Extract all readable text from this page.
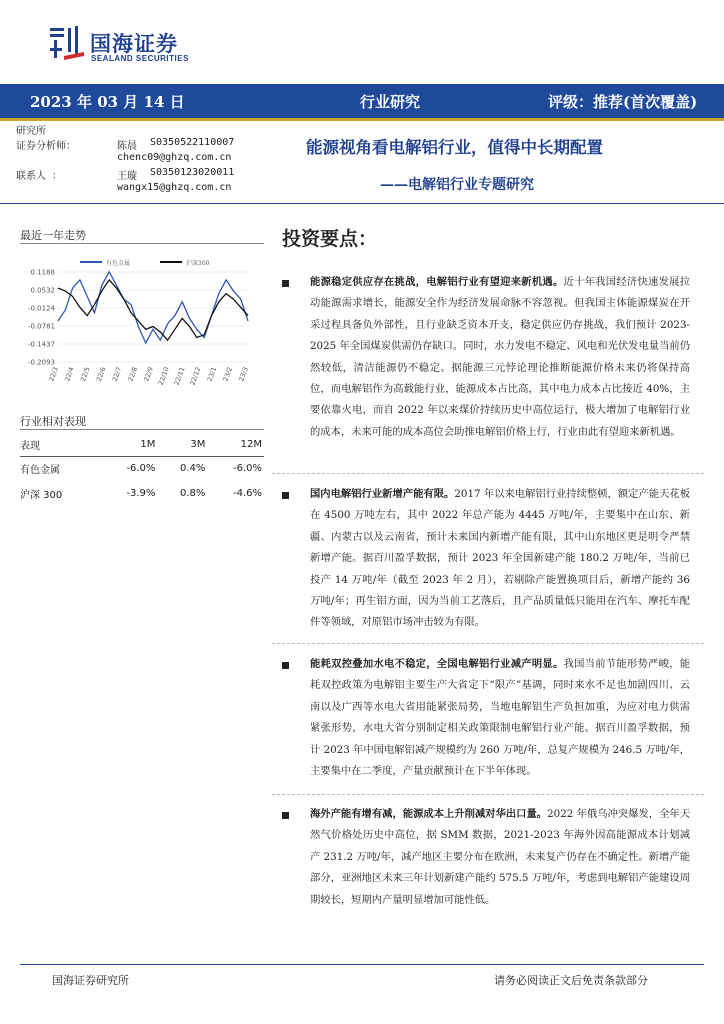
国海证券
SEALAND SECURITIES
2023 年 03 月 14 日	行业研究	评级：推荐(首次覆盖)
研究所
证券分析师：	陈晨 S0350522110007
chenc09@ghzq.com.cn
联系人 ：	王璇 S0350123020011
wangx15@ghzq.com.cn
能源视角看电解铝行业，值得中长期配置
——电解铝行业专题研究
最近一年走势
有色金属	沪深300
0.1188
0.0532
-0.0124
-0.0781
-0.1437
-0.2093
22/3 22/4 22/5 22/6 22/7 22/8 22/9 22/10 22/11 22/12 23/1 23/2 23/3
行业相对表现
表现	1M	3M	12M
有色金属	-6.0%	0.4%	-6.0%
沪深 300	-3.9%	0.8%	-4.6%
投资要点：
能源稳定供应存在挑战，电解铝行业有望迎来新机遇。近十年我国经济快速发展拉动能源需求增长，能源安全作为经济发展命脉不容忽视。但我国主体能源煤炭在开采过程具备负外部性，且行业缺乏资本开支，稳定供应仍存挑战，我们预计 2023-2025 年全国煤炭供需仍存缺口。同时，水力发电不稳定、风电和光伏发电量当前仍然较低，清洁能源仍不稳定。据能源三元悖论理论推断能源价格未来仍将保持高位，而电解铝作为高载能行业，能源成本占比高，其中电力成本占比接近 40%，主要依靠火电，而自 2022 年以来煤价持续历史中高位运行，极大增加了电解铝行业的成本，未来可能的成本高位会助推电解铝价格上行，行业由此有望迎来新机遇。
国内电解铝行业新增产能有限。2017 年以来电解铝行业持续整顿，额定产能天花板在 4500 万吨左右，其中 2022 年总产能为 4445 万吨/年，主要集中在山东、新疆、内蒙古以及云南省，预计未来国内新增产能有限，其中山东地区更是明令严禁新增产能。据百川盈孚数据，预计 2023 年全国新建产能 180.2 万吨/年，当前已投产 14 万吨/年（截至 2023 年 2 月），若剔除产能置换项目后，新增产能约 36 万吨/年；再生铝方面，因为当前工艺落后，且产品质量低只能用在汽车、摩托车配件等领域，对原铝市场冲击较为有限。
能耗双控叠加水电不稳定，全国电解铝行业减产明显。我国当前节能形势严峻，能耗双控政策为电解铝主要生产大省定下“限产”基调，同时来水不足也加剧四川、云南以及广西等水电大省用能紧张局势，当地电解铝生产负担加重，为应对电力供需紧张形势，水电大省分别制定相关政策限制电解铝行业产能。据百川盈孚数据，预计 2023 年中国电解铝减产规模约为 260 万吨/年，总复产规模为 246.5 万吨/年，主要集中在二季度，产量贡献预计在下半年体现。
海外产能有增有减，能源成本上升削减对华出口量。2022 年俄乌冲突爆发，全年天然气价格处历史中高位，据 SMM 数据，2021-2023 年海外因高能源成本计划减产 231.2 万吨/年，减产地区主要分布在欧洲，未来复产仍存在不确定性。新增产能部分，亚洲地区未来三年计划新建产能约 575.5 万吨/年，考虑到电解铝产能建设周期较长，短期内产量明显增加可能性低。
国海证券研究所	请务必阅读正文后免责条款部分
